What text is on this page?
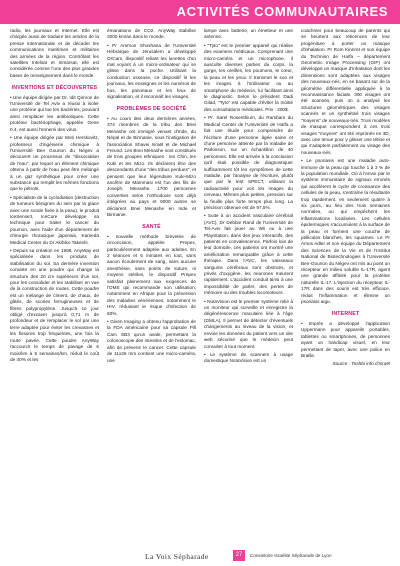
ACTIVITÉS COMMUNAUTAIRES

radio, les journaux et Internet. Elle est chargée aussi de traduire les articles de la presse internationale et de décoder les communications maritimes et militaires des armées de la région. Contrôlant les satellites Intelsat et Inmarsat, elle est considérée comme l'une des plus grandes bases de renseignement dans le monde.

INVENTIONS ET DÉCOUVERTES

• Une équipe dirigée par Dr. Idit Qimron de l'Université de Tel Aviv a réussi à isoler une protéine qui tue les bactéries, pouvant ainsi remplacer les antibiotiques. Cette protéine bactériophage, appelée Gene 0.4, est aussi l'ennemi des virus.

• Une équipe dirigée par Moti Herskovitz, professeur d'ingénierie chimique à l'Université Ben Gourion du Négev a découvert un processus de "dissociation de l'eau", par lequel un élément chimique obtenu à partir de l'eau peut être mélangé à un gaz synthétique pour créer une substance qui remplit les mêmes fonctions que le pétrole.

• Spécialiste de la cyclodiation (destruction de tumeurs bénignes du sein par la glace avec une sonde fixée à la peau), le produit IceSense3, IceCure développe sa technique pour traiter le cancer du poumon, avec l'aide d'un département de chirurgie thoracique japonais, Kameda Medical Center du Dr Akihiko Takeshi.

• Depuis sa création en 1998, AnyWay est spécialisée dans les produits de stabilisation du sol. Sa dernière invention consiste en une poudre qui change la structure des 20 cm supérieurs d'un sol, pour les consolider et les stabiliser en vue de la construction de routes. Cette poudre est un mélange de ciment, de chaux, de gâtés, de scories ferrugineuses et de fibres polypropylène. Jusqu'à ce jour obligé d'excaver jusqu'à 0,71 m de profondeur et de remplacer le sol par une terre adaptée pour éviter les crevasses et les fissures trop fréquentes, une fois la route pavée. Cette poudre AnyWay raccourcit le temps de pavage de 6 mois/km à 5 semaines/km, réduit le coût de 40% et les

émanations de CO2. AnyWay stabilise 3000 km/an dans le monde.

• Pr Ammon Shoshana de l'Université Hébraïque de Jérusalem a développé OrCam, dispositif reliant les lunettes d'un mal voyant à un micro-ordinateur qui se glisse dans la poche. Utilisant la conduction osseuse, ce dispositif lit les journaux, les enseignes et les numéros de bus, les panneaux et les feux de signalisation, et il reconnaît les visages.

PROBLÈMES DE SOCIÉTÉ

• Au cours des deux dernières années, 374 membres de la tribu des Bnei Menashe ont immigré venant d'Inde, du Népal et de Birmanie, sous l'instigation de l'association Shavei Israël et de Michael Freund. Les Bnei Menashe sont constitués de trois groupes ethniques : les Chin, les Kuki et les Mizo. Ils déclarent être des descendants d'une "des tribus perdues", et pensent que leur légendaire Kuki-Mizo ancêtre de Mammasi est l'un des fils de Joseph. Menashe. 1700 personnes converties selon l'orthodoxie sont déjà intégrées au pays et 9000 autres se déclarent Bnei Menashe en Inde et Birmanie.

SANTÉ

• nouvelle méthode brevetée de circoncision, appelée Prepex, particulièrement adaptée aux adultes. En 2 séances et 5 minutes en tout, sans aucun écoulement de sang, sans aucune anesthésie, sans points de suture, ni moyens stériles, le dispositif Prepex satisfait pleinement aux exigences de l'OMS qui recommande son utilisation, notamment en Afrique pour la prévention des maladies vénériennes, notamment le HIV, réduisant le risque d'infection de 60%.

• Given Imaging a obtenu l'approbation de la FDA américaine pour sa capsule Pill Cam SB3 qu'un avale, permettant la colonoscopie des intestins et de l'estomac, afin de prévenir le cancer. Cette capsule de 11x26 mm contient une micro-caméra, une

lampe avec batterie, un émetteur et une antenne.

• "Tyto" est le premier appareil qui réalise des examens médicaux. Comprenant une micro-caméra et un microphone, il ausculte diverses parties du corps, la gorge, les oreilles, les poumons, le cœur, la peau et les yeux. Il transmet le son et les images à l'ordinateur ou au smartphone du médecin, lui facilitant ainsi le diagnostic. Selon le président Dadi Gilad, "Tyto" est capable d'éviter la moitié des consultations médicales. Prix : 200$.

• Pr. Sarel Rosenthium, du Rambam du Medical Center de l'Université de Haïfa a fait une étude pour comprendre de l'écriture d'une personne âgée saine et d'une personne atteinte par la maladie de Parkinson, sur un échantillon de 40 personnes. Elle est arrivée à la conclusion qu'il était possible de diagnostiquer suffisamment tôt les symptômes de cette maladie, par l'analyse de l'écriture, plutôt que par le test SPECT, utilisant la radioactivité pour voir les images du cerveau. Mêmes plus petites, pression sur la feuille plus forte temps plus long. La précision obtenue est de 97,5%.

• Suite à un accident vasculaire cérébral (AVC), Dr Debbie Rand de l'Université de Tel-Aviv fait jouer au Wii ou à une PlayStation, dans des jeux interactifs, des patients en convalescence. Parfois loin de leur domicile, ces patients ont montré une amélioration remarquable grâce à cette thérapie. Dans l'AVC, les vaisseaux sanguins cérébraux sont obstrués, et privés d'oxygène, les neurones meurent rapidement. L'accident conduit ainsi à une impossibilité de parler, des pertes de mémoire ou des troubles locomoteurs.

• NotaVision est le premier système relié à un moniteur qui surveille et enregistre la dégénérescence maculaire liée à l'âge (DMLA). Il permet de détecter d'éventuels changements au niveau de la vision, et envoie les données du patient vers un site web sécurisé que le médecin peut consulter à tout moment.

• Le système de scanners à usage domestique NotaVision est un

coachmer pour beaucoup de parents qui se heurtent aux réticences de leur progéniture à porter un masque d'inhalation. Pr Rom Kinnret et son équipe du Technion de Haïfa – département Geometric Image Processing (GIP) ont développé un masque d'inhalation dont les dimensions sont adaptées aux visages des nouveaux-nés, en se basant sur de la géométrie différentielle appliquée à la reconnaissance faciale. 300 visages ont été scannés, puis on a analysé les structures géométriques des visages scannés et un synthétisé trois visages "moyens" de nouveaux-nés. Trois modèles de masque correspondent à ces trois visages "moyens" ont été imprimés en 3D, avec une tenue pour y glisser une tétine et qui s'adaptent parfaitement au visage des nouveaux-nés.

• Le psoriasis est une maladie auto-immune de la peau qui touche 1 à 3 % de la population mondiale. Où à l'envoi par le système immunitaire de signaux erronés qui accélèrent le cycle de croissance des cellules de la peau, s'entraîne la résultante trop rapidement, en seulement quatre à six jours, au lieu des trois semaines normales, ou qui empêchent les inflammations localisées. Les cellules épidermiques s'accumulent à la surface de la peau et forment une couche de pellicules blanches, les squames. Le Pr Amos Adler et son équipe du Département des Sciences de la Vie et de l'Institut National de Biotechnologies à l'Université Ben-Gourion du Négev ont mis au point un récepteur en milieu soluble IL-17R, agent une grande affinité pour la protéine naturelle IL-17. L'injection du récepteur IL-17R dans des souris est très efficace, réduit l'inflammation et élimine un psoriasis aigu.

INTERNET

• Imprès a développé l'application Uppermann pour appareils portables, tablettes ou smartphones, de personnes ayant un handicap visuel, en leur permettant de taper, avec une police en Braille.

Source : Toshbi info d'Israël

La Voix Sépharade	27	Consistoire Israélite Sépharade de Lyon
